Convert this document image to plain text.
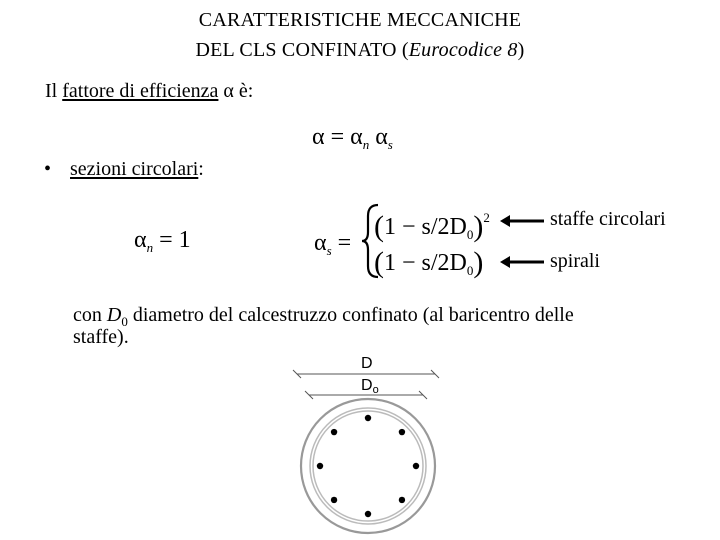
CARATTERISTICHE MECCANICHE
DEL CLS CONFINATO (Eurocodice 8)
Il fattore di efficienza α è:
$\alpha = \alpha_n$ $\alpha_s$
• sezioni circolari:
$\alpha_n = 1$	$\alpha_s = (1 - s/2D_0)^2$
$(1 - s/2D_0)$
staffe circolari
spirali
con $D_0$ diametro del calcestruzzo confinato (al baricentro delle
staffe).
D
Do
